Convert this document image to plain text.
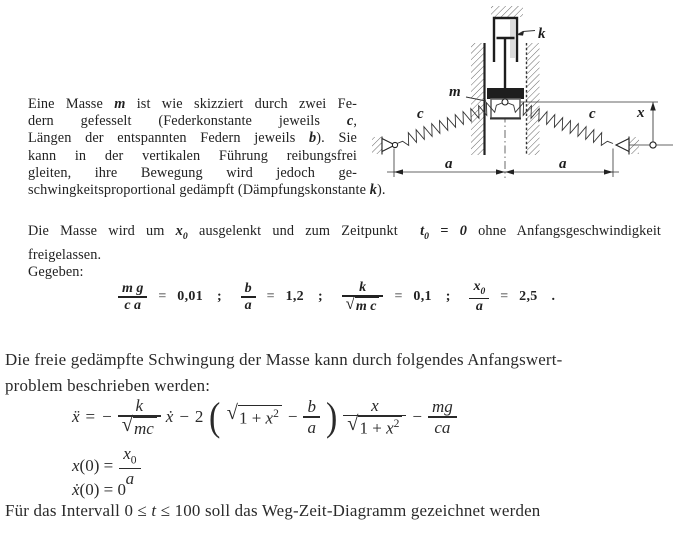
k
m
c	c	x
a	a
Eine Masse m ist wie skizziert durch zwei Fe-
dern gefesselt (Federkonstante jeweils c,
Längen der entspannten Federn jeweils b). Sie
kann in der vertikalen Führung reibungsfrei
gleiten, ihre Bewegung wird jedoch ge-
schwingkeitsproportional gedämpft (Dämpfungskonstante k).
Die Masse wird um $x_0$ ausgelenkt und zum Zeitpunkt  $t_0 = 0$ ohne Anfangsgeschwindigkeit
freigelassen.
Gegeben:
$\frac{\text{m g}}{\text{c a}} = 0,01$ ; $\frac{b}{a} = 1,2$ ; $\frac{k}{\text{√ m c}} = 0,1$ ; $\frac{x_0}{a} = 2,5$ .
Die freie gedämpfte Schwingung der Masse kann durch folgendes Anfangswert-
problem beschrieben werden:
ẍ = − $\frac{k}{√ mc}$ ẋ − 2 ( √ $1 + x^2 - \frac{b}{a}$ ) $\frac{x}{√ 1 + x^2} - \frac{mg}{ca}$
$x(0) = \frac{x_0}{a}$
ẋ(0) = 0
Für das Intervall 0 ≤ t ≤ 100 soll das Weg-Zeit-Diagramm gezeichnet werden
